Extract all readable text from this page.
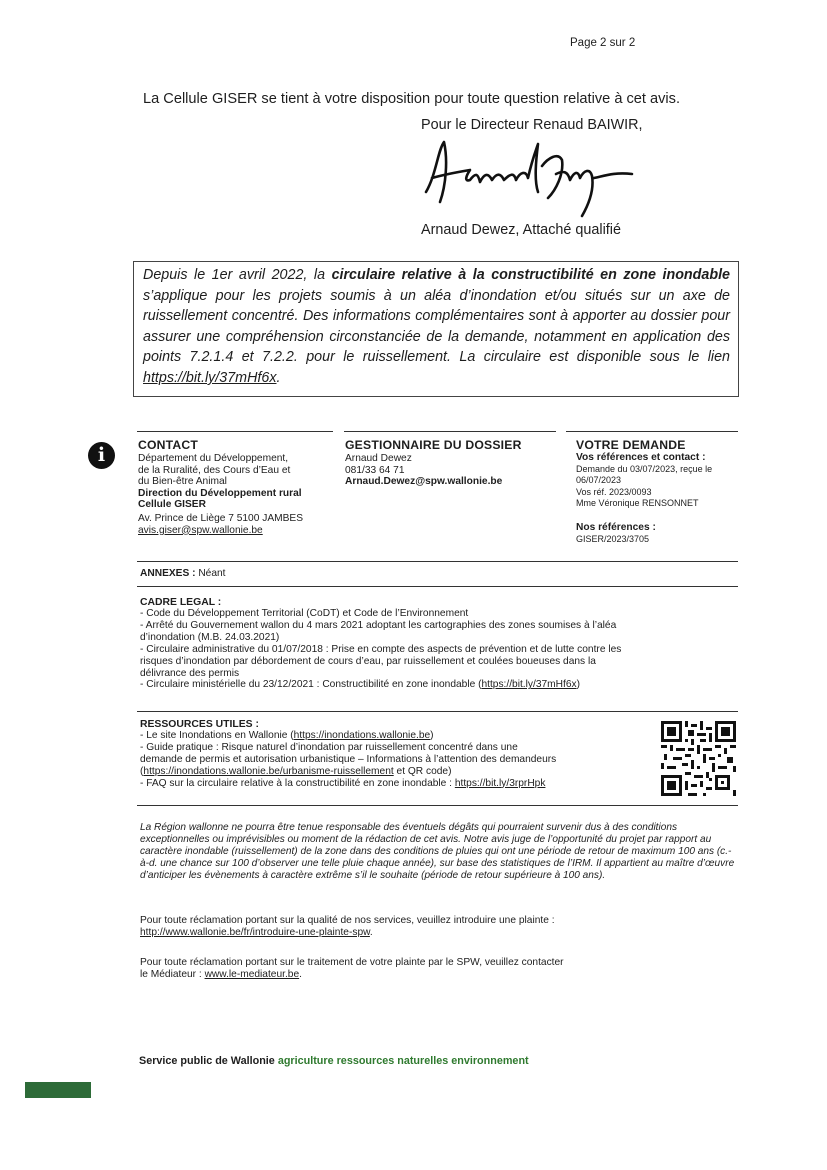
Page 2 sur 2
La Cellule GISER se tient à votre disposition pour toute question relative à cet avis.
Pour le Directeur Renaud BAIWIR,
Arnaud Dewez, Attaché qualifié

Depuis le 1er avril 2022, la circulaire relative à la constructibilité en zone inondable s’applique pour les projets soumis à un aléa d’inondation et/ou situés sur un axe de ruissellement concentré. Des informations complémentaires sont à apporter au dossier pour assurer une compréhension circonstanciée de la demande, notamment en application des points 7.2.1.4 et 7.2.2. pour le ruissellement. La circulaire est disponible sous le lien https://bit.ly/37mHf6x.

i	CONTACT
Département du Développement,
de la Ruralité, des Cours d’Eau et
du Bien-être Animal
Direction du Développement rural
Cellule GISER
Av. Prince de Liège 7 5100 JAMBES
avis.giser@spw.wallonie.be
GESTIONNAIRE DU DOSSIER
Arnaud Dewez
081/33 64 71
Arnaud.Dewez@spw.wallonie.be
VOTRE DEMANDE
Vos références et contact :
Demande du 03/07/2023, reçue le
06/07/2023
Vos réf. 2023/0093
Mme Véronique RENSONNET
Nos références :
GISER/2023/3705
ANNEXES : Néant
CADRE LEGAL :
- Code du Développement Territorial (CoDT) et Code de l’Environnement
- Arrêté du Gouvernement wallon du 4 mars 2021 adoptant les cartographies des zones soumises à l’aléa
d’inondation (M.B. 24.03.2021)
- Circulaire administrative du 01/07/2018 : Prise en compte des aspects de prévention et de lutte contre les
risques d’inondation par débordement de cours d’eau, par ruissellement et coulées boueuses dans la
délivrance des permis
- Circulaire ministérielle du 23/12/2021 : Constructibilité en zone inondable (https://bit.ly/37mHf6x)
RESSOURCES UTILES :
- Le site Inondations en Wallonie (https://inondations.wallonie.be)
- Guide pratique : Risque naturel d’inondation par ruissellement concentré dans une
demande de permis et autorisation urbanistique – Informations à l’attention des demandeurs
(https://inondations.wallonie.be/urbanisme-ruissellement et QR code)
- FAQ sur la circulaire relative à la constructibilité en zone inondable : https://bit.ly/3rprHpk
La Région wallonne ne pourra être tenue responsable des éventuels dégâts qui pourraient survenir dus à des conditions exceptionnelles ou imprévisibles ou moment de la rédaction de cet avis. Notre avis juge de l’opportunité du projet par rapport au caractère inondable (ruissellement) de la zone dans des conditions de pluies qui ont une période de retour de maximum 100 ans (c.-à-d. une chance sur 100 d’observer une telle pluie chaque année), sur base des statistiques de l’IRM. Il appartient au maître d’œuvre d’anticiper les évènements à caractère extrême s’il le souhaite (période de retour supérieure à 100 ans).
Pour toute réclamation portant sur la qualité de nos services, veuillez introduire une plainte :
http://www.wallonie.be/fr/introduire-une-plainte-spw.
Pour toute réclamation portant sur le traitement de votre plainte par le SPW, veuillez contacter
le Médiateur : www.le-mediateur.be.
Service public de Wallonie agriculture ressources naturelles environnement
